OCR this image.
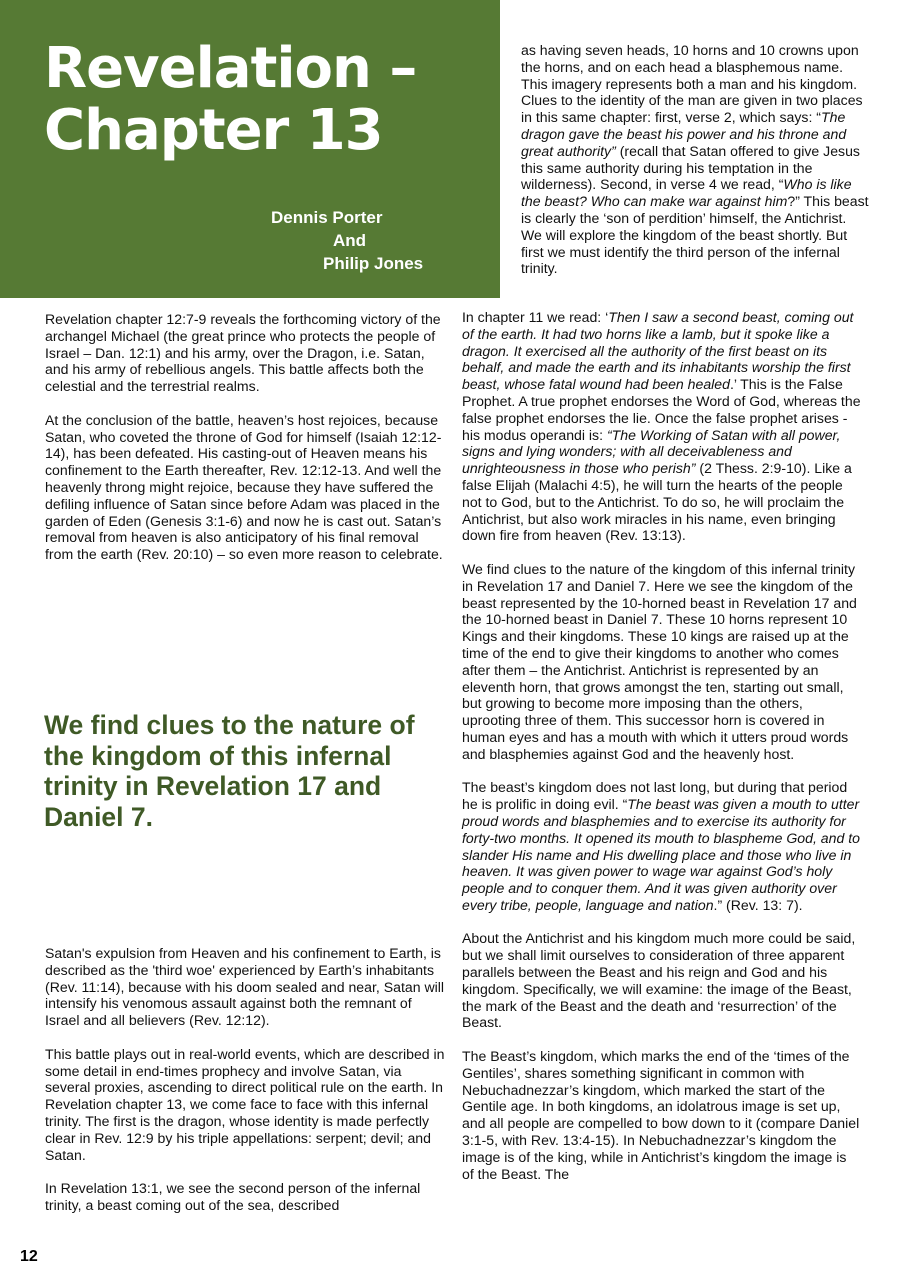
Revelation –
Chapter 13
Dennis Porter
And
Philip Jones

as having seven heads, 10 horns and 10 crowns upon the horns, and on each head a blasphemous name. This imagery represents both a man and his kingdom. Clues to the identity of the man are given in two places in this same chapter: first, verse 2, which says: “The dragon gave the beast his power and his throne and great authority” (recall that Satan offered to give Jesus this same authority during his temptation in the wilderness). Second, in verse 4 we read, “Who is like the beast? Who can make war against him?” This beast is clearly the ‘son of perdition’ himself, the Antichrist. We will explore the kingdom of the beast shortly. But first we must identify the third person of the infernal trinity.

Revelation chapter 12:7-9 reveals the forthcoming victory of the archangel Michael (the great prince who protects the people of Israel – Dan. 12:1) and his army, over the Dragon, i.e. Satan, and his army of rebellious angels. This battle affects both the celestial and the terrestrial realms.

At the conclusion of the battle, heaven’s host rejoices, because Satan, who coveted the throne of God for himself (Isaiah 12:12-14), has been defeated. His casting-out of Heaven means his confinement to the Earth thereafter, Rev. 12:12-13. And well the heavenly throng might rejoice, because they have suffered the defiling influence of Satan since before Adam was placed in the garden of Eden (Genesis 3:1-6) and now he is cast out. Satan’s removal from heaven is also anticipatory of his final removal from the earth (Rev. 20:10) – so even more reason to celebrate.

We find clues to the nature of the kingdom of this infernal trinity in Revelation 17 and Daniel 7.

Satan's expulsion from Heaven and his confinement to Earth, is described as the 'third woe' experienced by Earth’s inhabitants (Rev. 11:14), because with his doom sealed and near, Satan will intensify his venomous assault against both the remnant of Israel and all believers (Rev. 12:12).

This battle plays out in real-world events, which are described in some detail in end-times prophecy and involve Satan, via several proxies, ascending to direct political rule on the earth. In Revelation chapter 13, we come face to face with this infernal trinity. The first is the dragon, whose identity is made perfectly clear in Rev. 12:9 by his triple appellations: serpent; devil; and Satan.

In Revelation 13:1, we see the second person of the infernal trinity, a beast coming out of the sea, described

In chapter 11 we read: ‘Then I saw a second beast, coming out of the earth. It had two horns like a lamb, but it spoke like a dragon. It exercised all the authority of the first beast on its behalf, and made the earth and its inhabitants worship the first beast, whose fatal wound had been healed.’ This is the False Prophet. A true prophet endorses the Word of God, whereas the false prophet endorses the lie. Once the false prophet arises - his modus operandi is: “The Working of Satan with all power, signs and lying wonders; with all deceivableness and unrighteousness in those who perish” (2 Thess. 2:9-10). Like a false Elijah (Malachi 4:5), he will turn the hearts of the people not to God, but to the Antichrist. To do so, he will proclaim the Antichrist, but also work miracles in his name, even bringing down fire from heaven (Rev. 13:13).

We find clues to the nature of the kingdom of this infernal trinity in Revelation 17 and Daniel 7. Here we see the kingdom of the beast represented by the 10-horned beast in Revelation 17 and the 10-horned beast in Daniel 7. These 10 horns represent 10 Kings and their kingdoms. These 10 kings are raised up at the time of the end to give their kingdoms to another who comes after them – the Antichrist. Antichrist is represented by an eleventh horn, that grows amongst the ten, starting out small, but growing to become more imposing than the others, uprooting three of them. This successor horn is covered in human eyes and has a mouth with which it utters proud words and blasphemies against God and the heavenly host.

The beast’s kingdom does not last long, but during that period he is prolific in doing evil. “The beast was given a mouth to utter proud words and blasphemies and to exercise its authority for forty-two months. It opened its mouth to blaspheme God, and to slander His name and His dwelling place and those who live in heaven. It was given power to wage war against God’s holy people and to conquer them. And it was given authority over every tribe, people, language and nation.” (Rev. 13: 7).

About the Antichrist and his kingdom much more could be said, but we shall limit ourselves to consideration of three apparent parallels between the Beast and his reign and God and his kingdom. Specifically, we will examine: the image of the Beast, the mark of the Beast and the death and ‘resurrection’ of the Beast.

The Beast’s kingdom, which marks the end of the ‘times of the Gentiles’, shares something significant in common with Nebuchadnezzar’s kingdom, which marked the start of the Gentile age. In both kingdoms, an idolatrous image is set up, and all people are compelled to bow down to it (compare Daniel 3:1-5, with Rev. 13:4-15). In Nebuchadnezzar’s kingdom the image is of the king, while in Antichrist’s kingdom the image is of the Beast. The

12
